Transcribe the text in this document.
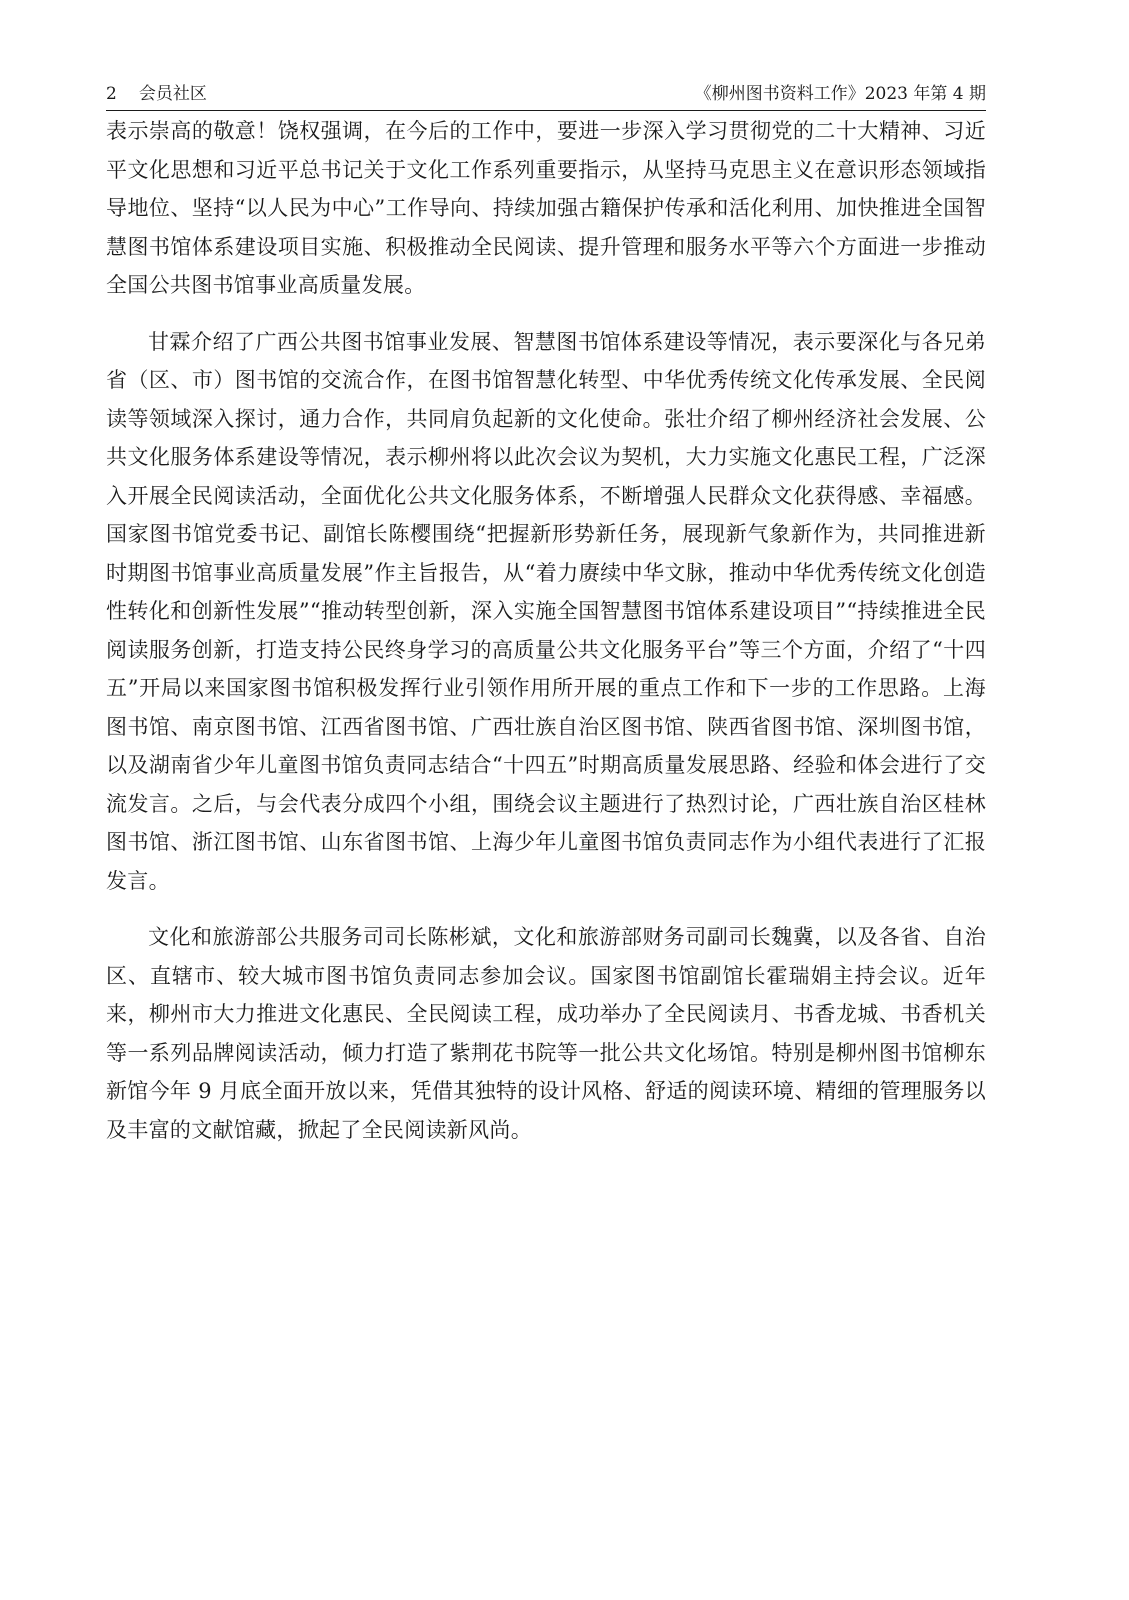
2 会员社区	《柳州图书资料工作》2023 年第 4 期

表示崇高的敬意！饶权强调，在今后的工作中，要进一步深入学习贯彻党的二十大精神、习近平文化思想和习近平总书记关于文化工作系列重要指示，从坚持马克思主义在意识形态领域指导地位、坚持“以人民为中心”工作导向、持续加强古籍保护传承和活化利用、加快推进全国智慧图书馆体系建设项目实施、积极推动全民阅读、提升管理和服务水平等六个方面进一步推动全国公共图书馆事业高质量发展。

甘霖介绍了广西公共图书馆事业发展、智慧图书馆体系建设等情况，表示要深化与各兄弟省（区、市）图书馆的交流合作，在图书馆智慧化转型、中华优秀传统文化传承发展、全民阅读等领域深入探讨，通力合作，共同肩负起新的文化使命。张壮介绍了柳州经济社会发展、公共文化服务体系建设等情况，表示柳州将以此次会议为契机，大力实施文化惠民工程，广泛深入开展全民阅读活动，全面优化公共文化服务体系，不断增强人民群众文化获得感、幸福感。国家图书馆党委书记、副馆长陈樱围绕“把握新形势新任务，展现新气象新作为，共同推进新时期图书馆事业高质量发展”作主旨报告，从“着力赓续中华文脉，推动中华优秀传统文化创造性转化和创新性发展”“推动转型创新，深入实施全国智慧图书馆体系建设项目”“持续推进全民阅读服务创新，打造支持公民终身学习的高质量公共文化服务平台”等三个方面，介绍了“十四五”开局以来国家图书馆积极发挥行业引领作用所开展的重点工作和下一步的工作思路。上海图书馆、南京图书馆、江西省图书馆、广西壮族自治区图书馆、陕西省图书馆、深圳图书馆，以及湖南省少年儿童图书馆负责同志结合“十四五”时期高质量发展思路、经验和体会进行了交流发言。之后，与会代表分成四个小组，围绕会议主题进行了热烈讨论，广西壮族自治区桂林图书馆、浙江图书馆、山东省图书馆、上海少年儿童图书馆负责同志作为小组代表进行了汇报发言。

文化和旅游部公共服务司司长陈彬斌，文化和旅游部财务司副司长魏冀，以及各省、自治区、直辖市、较大城市图书馆负责同志参加会议。国家图书馆副馆长霍瑞娟主持会议。近年来，柳州市大力推进文化惠民、全民阅读工程，成功举办了全民阅读月、书香龙城、书香机关等一系列品牌阅读活动，倾力打造了紫荆花书院等一批公共文化场馆。特别是柳州图书馆柳东新馆今年 9 月底全面开放以来，凭借其独特的设计风格、舒适的阅读环境、精细的管理服务以及丰富的文献馆藏，掀起了全民阅读新风尚。
